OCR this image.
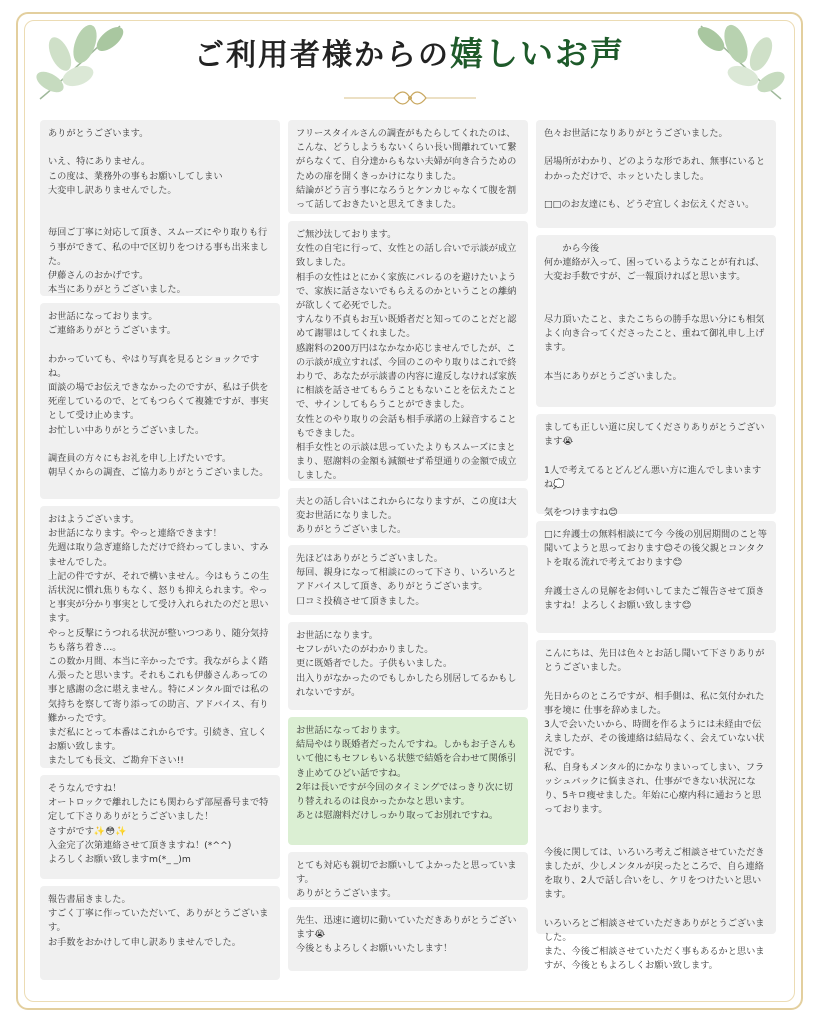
ご利用者様からの嬉しいお声
ありがとうございます。

いえ、特にありません。
この度は、業務外の事もお願いしてしまい
大変申し訳ありませんでした。

毎回ご丁寧に対応して頂き、スムーズにやり取りも行う事ができて、私の中で区切りをつける事も出来ました。
伊藤さんのおかげです。
本当にありがとうございました。
お世話になっております。
ご連絡ありがとうございます。

わかっていても、やはり写真を見るとショックですね。
面談の場でお伝えできなかったのですが、私は子供を死産しているので、とてもつらくて複雑ですが、事実として受け止めます。
お忙しい中ありがとうございました。

調査員の方々にもお礼を申し上げたいです。
朝早くからの調査、ご協力ありがとうございました。
おはようございます。
お世話になります。やっと連絡できます！
先週は取り急ぎ連絡しただけで終わってしまい、すみませんでした。
上記の件ですが、それで構いません。今はもうこの生活状況に慣れ焦りもなく、怒りも抑えられます。やっと事実が分かり事実として受け入れられたのだと思います。
やっと反撃にうつれる状況が整いつつあり、随分気持ちも落ち着き…。
この数か月間、本当に辛かったです。我ながらよく踏ん張ったと思います。それもこれも伊藤さんあっての事と感謝の念に堪えません。特にメンタル面では私の気持ちを察して寄り添っての助言、アドバイス、有り難かったです。
まだ私にとって本番はこれからです。引続き、宜しくお願い致します。
またしても長文、ご勘弁下さい!!
そうなんですね！
オートロックで離れしたにも関わらず部屋番号まで特定して下さりありがとうございました！
さすがです✨😳✨
入金完了次第連絡させて頂きますね！(*^^)
よろしくお願い致しますm(*_ _)m
報告書届きました。
すごく丁寧に作っていただいて、ありがとうございます。
お手数をおかけして申し訳ありませんでした。
フリースタイルさんの調査がもたらしてくれたのは、こんな、どうしようもないくらい長い間離れていて繋がらなくて、自分達からもない夫婦が向き合うためのための扉を開くきっかけになりました。
結論がどう言う事になろうとケンカじゃなくて腹を割って話しておきたいと思えてきました。
ご無沙汰しております。
女性の自宅に行って、女性との話し合いで示談が成立致しました。
相手の女性はとにかく家族にバレるのを避けたいようで、家族に話さないでもらえるのかということの離納が欲しくて必死でした。
すんなり不貞もお互い既婚者だと知ってのことだと認めて謝罪はしてくれました。
感謝料の200万円はなかなか応じませんでしたが、この示談が成立すれば、今回のこのやり取りはこれで終わりで、あなたが示談書の内容に違反しなければ家族に相談を話させてもらうこともないことを伝えたことで、サインしてもらうことができました。
女性とのやり取りの会話も相手承諾の上録音することもできました。
相手女性との示談は思っていたよりもスムーズにまとまり、慰謝料の金額も減額せず希望通りの金額で成立しました。
夫との話し合いはこれからになりますが、この度は大変お世話になりました。
ありがとうございました。
先ほどはありがとうございました。
毎回、親身になって相談にのって下さり、いろいろとアドバイスして頂き、ありがとうございます。
口コミ投稿させて頂きました。
お世話になります。
セフレがいたのがわかりました。
更に既婚者でした。子供もいました。
出入りがなかったのでもしかしたら別居してるかもしれないですが。
お世話になっております。
結局やはり既婚者だったんですね。しかもお子さんもいて他にもセフレもいる状態で結婚を合わせて関係引き止めてひどい話ですね。
2年は長いですが今回のタイミングではっきり次に切り替えれるのは良かったかなと思います。
あとは慰謝料だけしっかり取ってお別れですね。
とても対応も親切でお願いしてよかったと思っています。
ありがとうございます。
先生、迅速に適切に動いていただきありがとうございます😭
今後ともよろしくお願いいたします！
色々お世話になりありがとうございました。

居場所がわかり、どのような形であれ、無事にいるとわかっただけで、ホッといたしました。

□□のお友達にも、どうぞ宜しくお伝えください。
　　から今後
何か連絡が入って、困っているようなことが有れば、大変お手数ですが、ご一報頂ければと思います。

尽力頂いたこと、またこちらの勝手な思い分にも相気よく向き合ってくださったこと、重ねて御礼申し上げます。

本当にありがとうございました。
ましても正しい道に戻してくださりありがとうございます😭

1人で考えてるとどんどん悪い方に進んでしまいますね💭

気をつけますね😊
□に弁護士の無料相談にて今 今後の別居期間のこと等聞いてようと思っております😊その後父親とコンタクトを取る流れで考えております😊

弁護士さんの見解をお伺いしてまたご報告させて頂きますね！よろしくお願い致します😊
こんにちは、先日は色々とお話し聞いて下さりありがとうございました。

先日からのところですが、相手側は、私に気付かれた事を境に 仕事を辞めました。
3人で会いたいから、時間を作るようには未経由で伝えましたが、その後連絡は結局なく、会えていない状況です。
私、自身もメンタル的にかなりまいってしまい、フラッシュバックに悩まされ、仕事ができない状況になり、5キロ痩せました。年始に心療内科に通おうと思っております。

今後に関しては、いろいろ考えご相談させていただきましたが、少しメンタルが戻ったところで、自ら連絡を取り、2人で話し合いをし、ケリをつけたいと思います。

いろいろとご相談させていただきありがとうございました。
また、今後ご相談させていただく事もあるかと思いますが、今後ともよろしくお願い致します。
